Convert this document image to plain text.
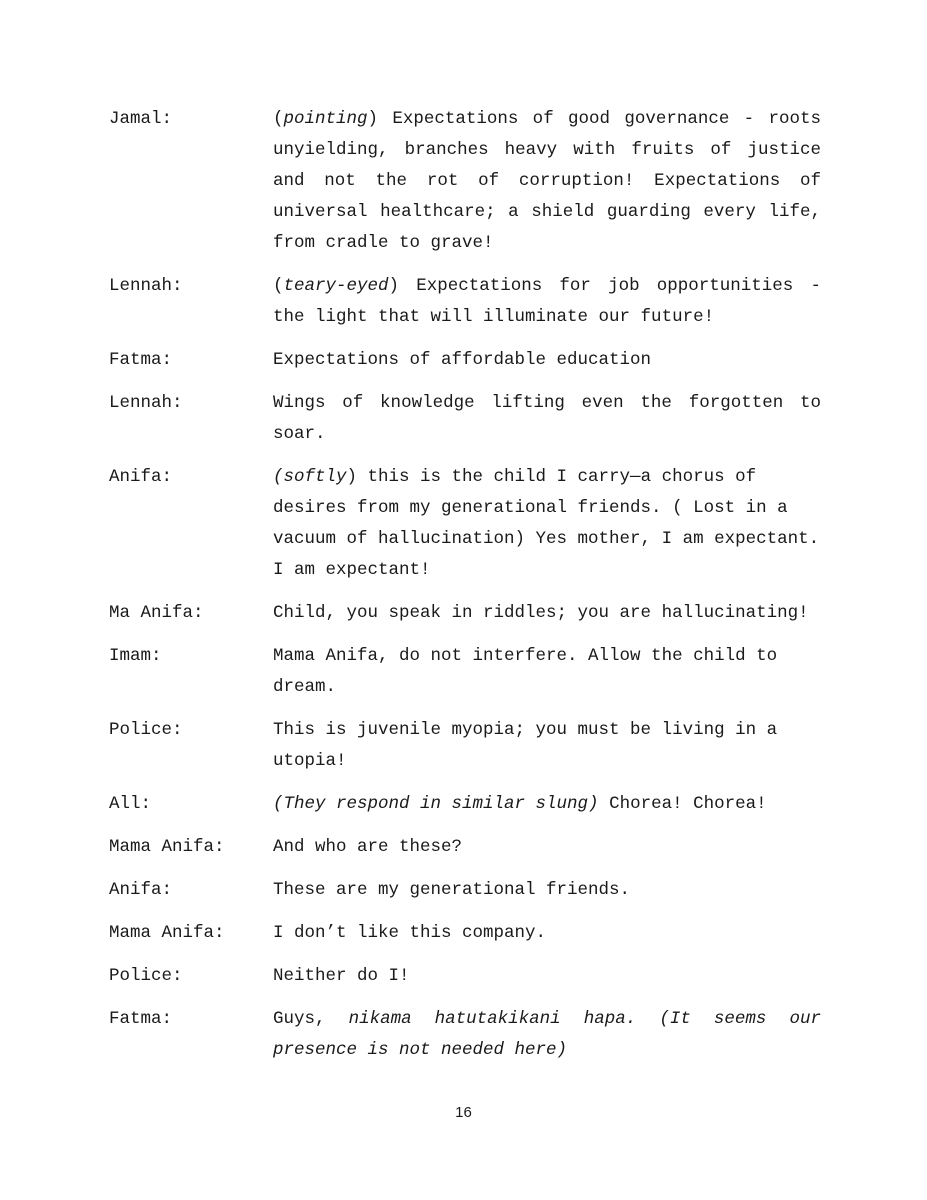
Jamal:	(pointing) Expectations of good governance - roots unyielding, branches heavy with fruits of justice and not the rot of corruption! Expectations of universal healthcare; a shield guarding every life, from cradle to grave!
Lennah:	(teary-eyed) Expectations for job opportunities - the light that will illuminate our future!
Fatma:	Expectations of affordable education
Lennah:	Wings of knowledge lifting even the forgotten to soar.
Anifa:	(softly) this is the child I carry—a chorus of desires from my generational friends. ( Lost in a vacuum of hallucination) Yes mother, I am expectant. I am expectant!
Ma Anifa:	Child, you speak in riddles; you are hallucinating!
Imam:	Mama Anifa, do not interfere. Allow the child to dream.
Police:	This is juvenile myopia; you must be living in a utopia!
All:	(They respond in similar slung) Chorea! Chorea!
Mama Anifa:	And who are these?
Anifa:	These are my generational friends.
Mama Anifa:	I don’t like this company.
Police:	Neither do I!
Fatma:	Guys, nikama hatutakikani hapa. (It seems our presence is not needed here)
16
